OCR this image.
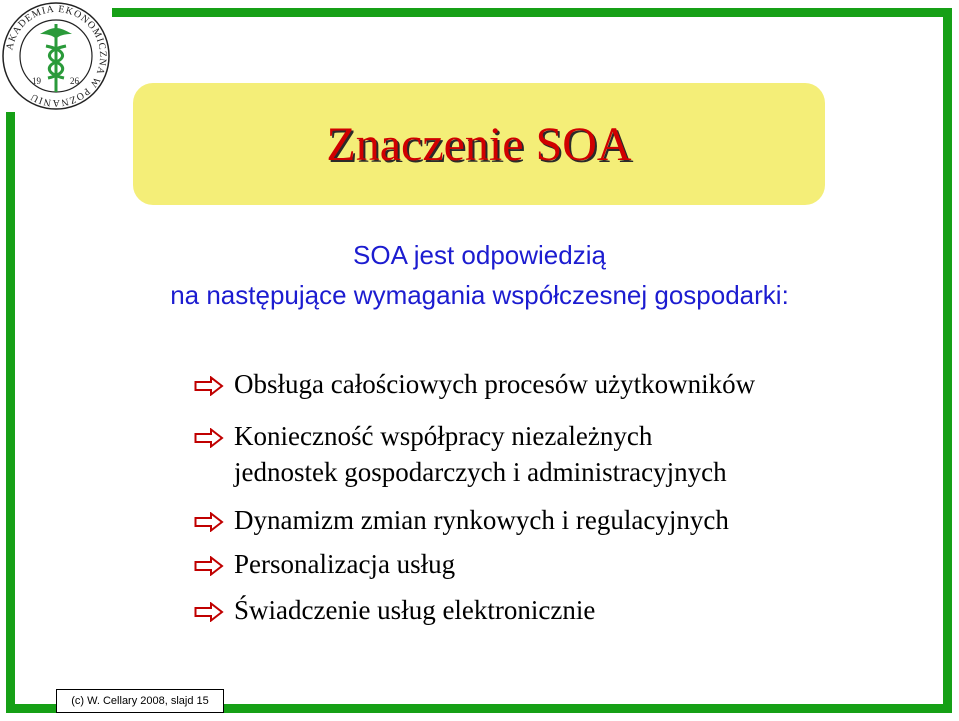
AKADEMIA EKONOMICZNA W POZNANIU
19	26
Znaczenie SOA
SOA jest odpowiedzią
na następujące wymagania współczesnej gospodarki:
Obsługa całościowych procesów użytkowników
Konieczność współpracy niezależnych
jednostek gospodarczych i administracyjnych
Dynamizm zmian rynkowych i regulacyjnych
Personalizacja usług
Świadczenie usług elektronicznie
(c) W. Cellary 2008, slajd 15
